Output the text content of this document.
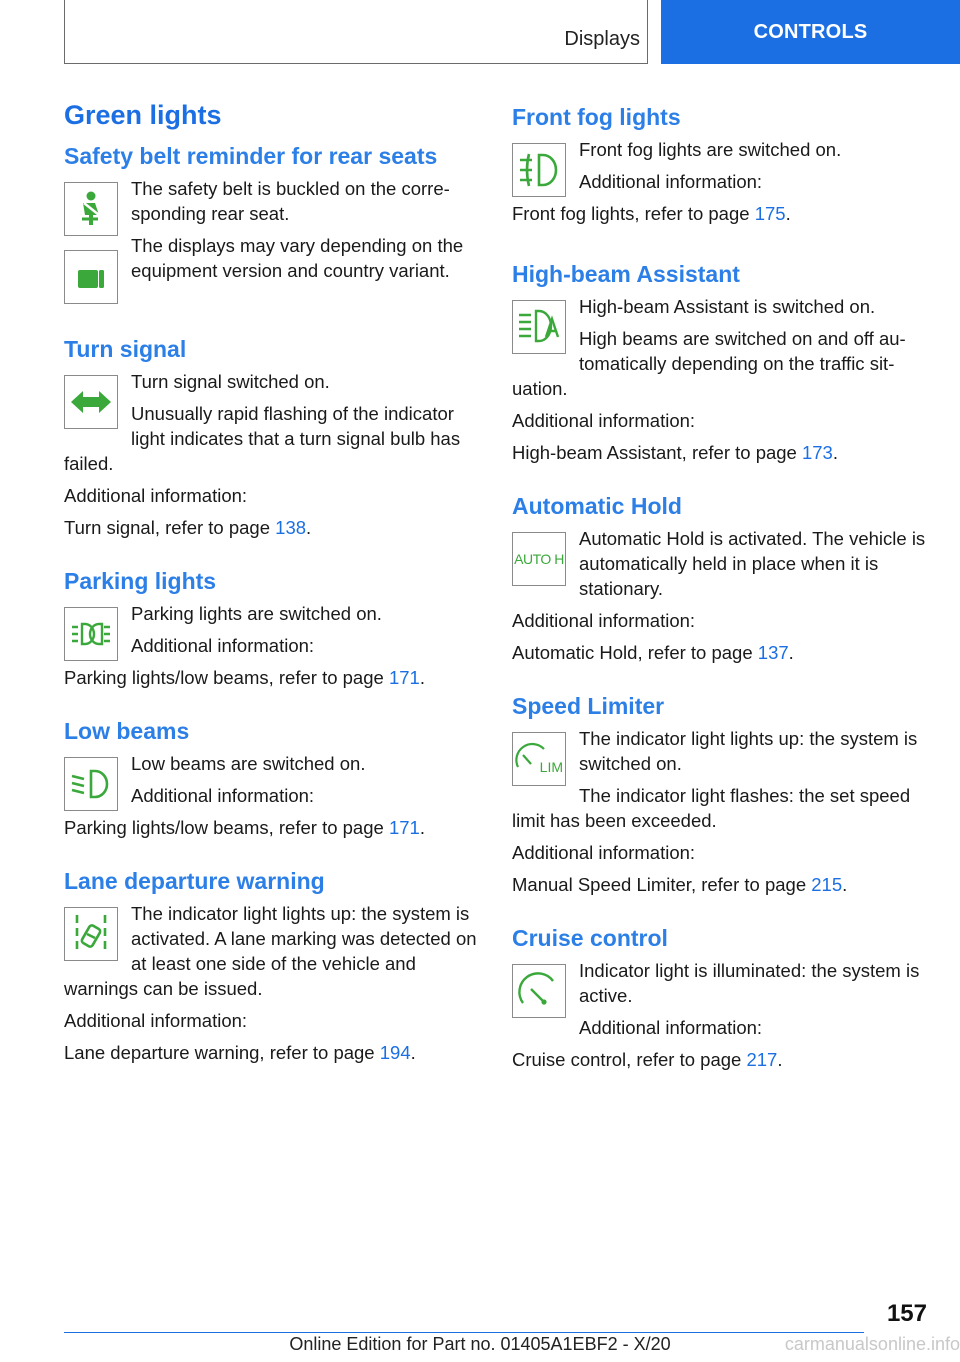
Displays	CONTROLS
Green lights
Safety belt reminder for rear seats

The safety belt is buckled on the corre-sponding rear seat.

The displays may vary depending on the equipment version and country variant.

Turn signal

Turn signal switched on.

Unusually rapid flashing of the indicator light indicates that a turn signal bulb has failed.

Additional information:

Turn signal, refer to page 138.

Parking lights

Parking lights are switched on.

Additional information:

Parking lights/low beams, refer to page 171.

Low beams

Low beams are switched on.

Additional information:

Parking lights/low beams, refer to page 171.

Lane departure warning

The indicator light lights up: the system is activated. A lane marking was detected on at least one side of the vehicle and warnings can be issued.

Additional information:

Lane departure warning, refer to page 194.

Front fog lights

Front fog lights are switched on.

Additional information:

Front fog lights, refer to page 175.

High-beam Assistant

High-beam Assistant is switched on.

High beams are switched on and off au-tomatically depending on the traffic sit-uation.

Additional information:

High-beam Assistant, refer to page 173.

Automatic Hold
AUTO H

Automatic Hold is activated. The vehicle is automatically held in place when it is stationary.

Additional information:

Automatic Hold, refer to page 137.

Speed Limiter
LIM

The indicator light lights up: the system is switched on.

The indicator light flashes: the set speed limit has been exceeded.

Additional information:

Manual Speed Limiter, refer to page 215.

Cruise control

Indicator light is illuminated: the system is active.

Additional information:

Cruise control, refer to page 217.

157
Online Edition for Part no. 01405A1EBF2 - X/20	carmanualsonline.info
